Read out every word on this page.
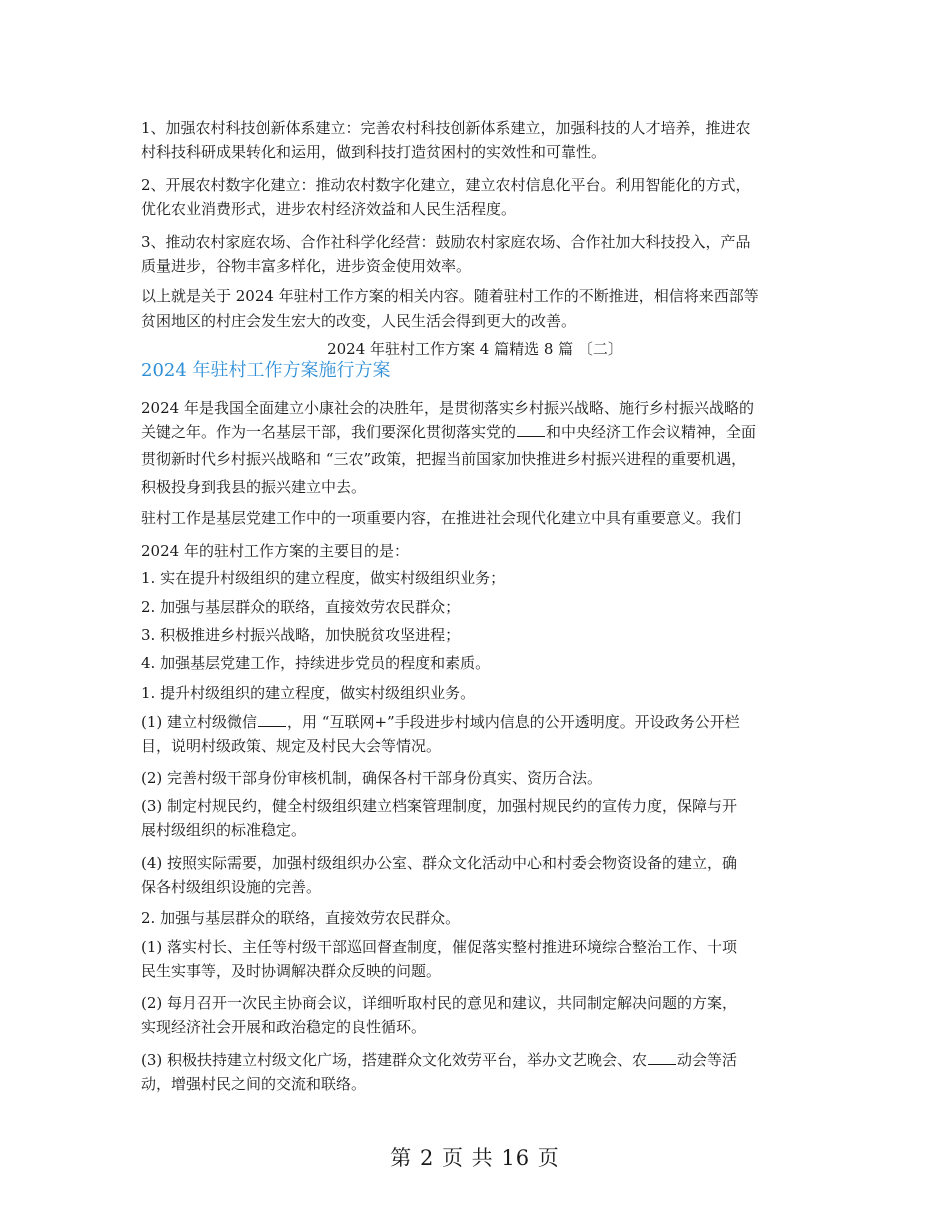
1、加强农村科技创新体系建立：完善农村科技创新体系建立，加强科技的人才培养，推进农

村科技科研成果转化和运用，做到科技打造贫困村的实效性和可靠性。

2、开展农村数字化建立：推动农村数字化建立，建立农村信息化平台。利用智能化的方式，

优化农业消费形式，进步农村经济效益和人民生活程度。

3、推动农村家庭农场、合作社科学化经营：鼓励农村家庭农场、合作社加大科技投入，产品

质量进步，谷物丰富多样化，进步资金使用效率。

以上就是关于 2024 年驻村工作方案的相关内容。随着驻村工作的不断推进，相信将来西部等

贫困地区的村庄会发生宏大的改变，人民生活会得到更大的改善。

2024 年驻村工作方案 4 篇精选 8 篇 〔二〕

2024 年驻村工作方案施行方案

2024 年是我国全面建立小康社会的决胜年，是贯彻落实乡村振兴战略、施行乡村振兴战略的

关键之年。作为一名基层干部，我们要深化贯彻落实党的 和中央经济工作会议精神，全面

贯彻新时代乡村振兴战略和 “三农”政策，把握当前国家加快推进乡村振兴进程的重要机遇，

积极投身到我县的振兴建立中去。

驻村工作是基层党建工作中的一项重要内容，在推进社会现代化建立中具有重要意义。我们

2024 年的驻村工作方案的主要目的是：

1. 实在提升村级组织的建立程度，做实村级组织业务；

2. 加强与基层群众的联络，直接效劳农民群众；

3. 积极推进乡村振兴战略，加快脱贫攻坚进程；

4. 加强基层党建工作，持续进步党员的程度和素质。

1. 提升村级组织的建立程度，做实村级组织业务。

(1) 建立村级微信 ，用 “互联网+”手段进步村域内信息的公开透明度。开设政务公开栏

目，说明村级政策、规定及村民大会等情况。

(2) 完善村级干部身份审核机制，确保各村干部身份真实、资历合法。

(3) 制定村规民约，健全村级组织建立档案管理制度，加强村规民约的宣传力度，保障与开

展村级组织的标准稳定。

(4) 按照实际需要，加强村级组织办公室、群众文化活动中心和村委会物资设备的建立，确

保各村级组织设施的完善。

2. 加强与基层群众的联络，直接效劳农民群众。

(1) 落实村长、主任等村级干部巡回督查制度，催促落实整村推进环境综合整治工作、十项

民生实事等，及时协调解决群众反映的问题。

(2) 每月召开一次民主协商会议，详细听取村民的意见和建议，共同制定解决问题的方案，

实现经济社会开展和政治稳定的良性循环。

(3) 积极扶持建立村级文化广场，搭建群众文化效劳平台，举办文艺晚会、农 动会等活

动，增强村民之间的交流和联络。

第 2 页 共 16 页
